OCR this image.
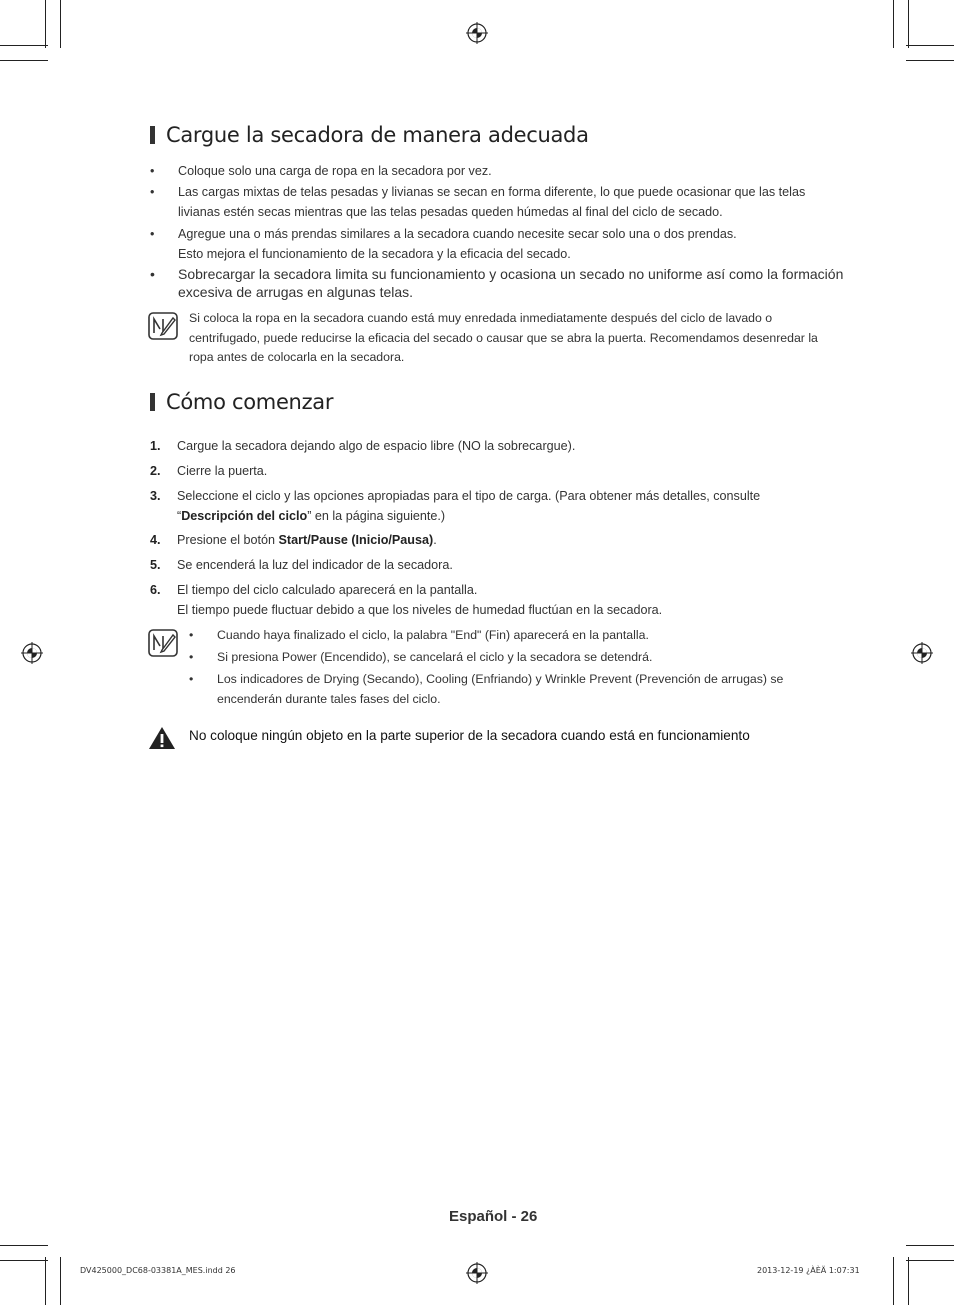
Cargue la secadora de manera adecuada
• Coloque solo una carga de ropa en la secadora por vez.
• Las cargas mixtas de telas pesadas y livianas se secan en forma diferente, lo que puede ocasionar que las telas livianas estén secas mientras que las telas pesadas queden húmedas al final del ciclo de secado.
• Agregue una o más prendas similares a la secadora cuando necesite secar solo una o dos prendas.
Esto mejora el funcionamiento de la secadora y la eficacia del secado.
• Sobrecargar la secadora limita su funcionamiento y ocasiona un secado no uniforme así como la formación excesiva de arrugas en algunas telas.
Si coloca la ropa en la secadora cuando está muy enredada inmediatamente después del ciclo de lavado o centrifugado, puede reducirse la eficacia del secado o causar que se abra la puerta. Recomendamos desenredar la ropa antes de colocarla en la secadora.
Cómo comenzar
1. Cargue la secadora dejando algo de espacio libre (NO la sobrecargue).
2. Cierre la puerta.
3. Seleccione el ciclo y las opciones apropiadas para el tipo de carga. (Para obtener más detalles, consulte “Descripción del ciclo” en la página siguiente.)
4. Presione el botón Start/Pause (Inicio/Pausa).
5. Se encenderá la luz del indicador de la secadora.
6. El tiempo del ciclo calculado aparecerá en la pantalla.
El tiempo puede fluctuar debido a que los niveles de humedad fluctúan en la secadora.
• Cuando haya finalizado el ciclo, la palabra "End" (Fin) aparecerá en la pantalla.
• Si presiona Power (Encendido), se cancelará el ciclo y la secadora se detendrá.
• Los indicadores de Drying (Secando), Cooling (Enfriando) y Wrinkle Prevent (Prevención de arrugas) se encenderán durante tales fases del ciclo.
No coloque ningún objeto en la parte superior de la secadora cuando está en funcionamiento
Español - 26
DV425000_DC68-03381A_MES.indd 26	2013-12-19 ¿ÀÈÄ 1:07:31
